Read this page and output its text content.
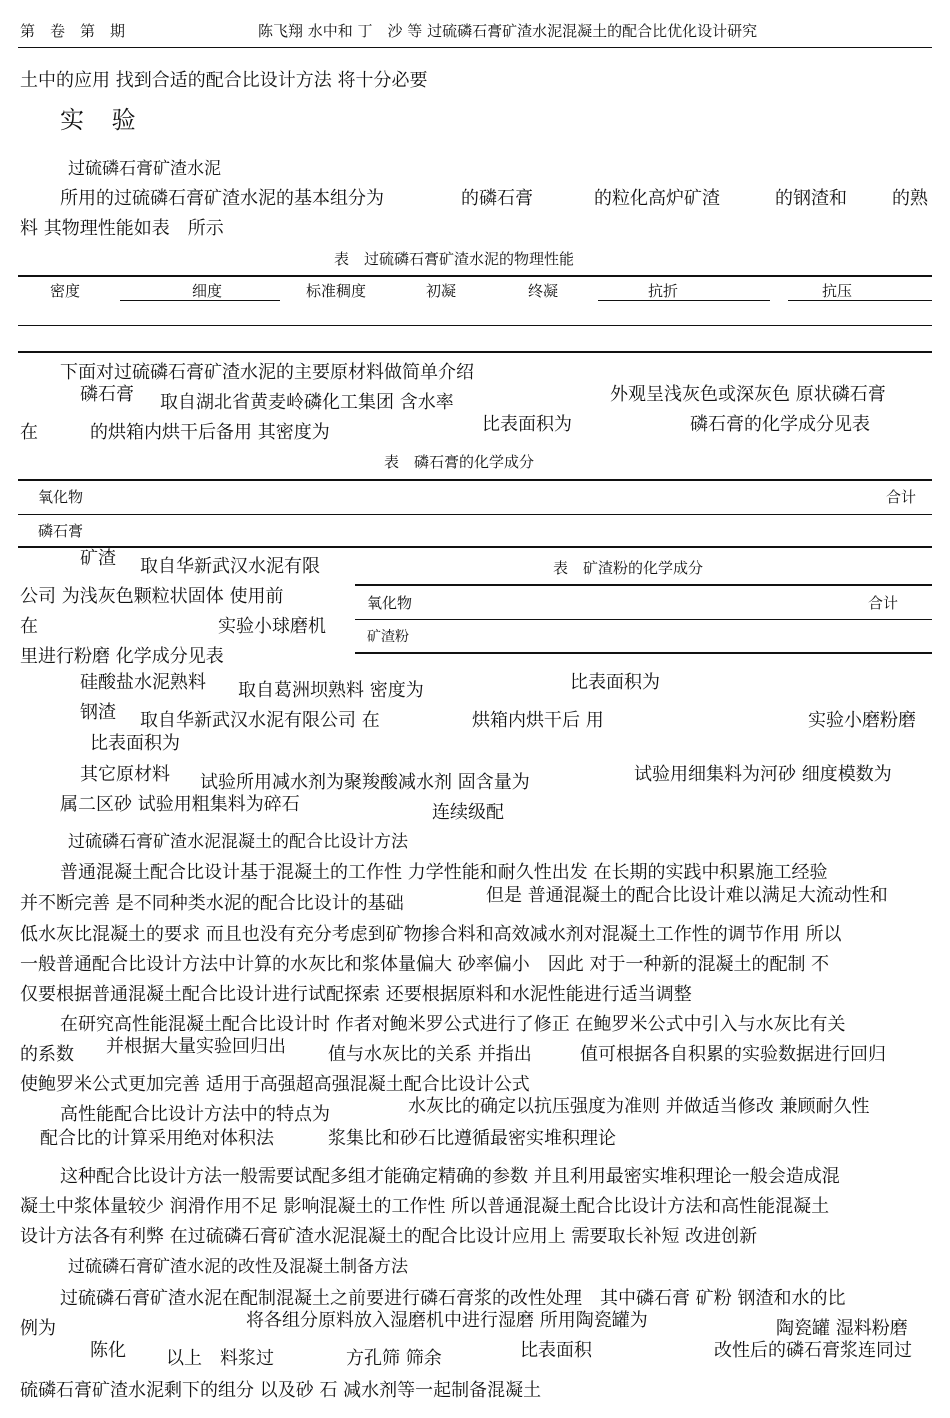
第　卷　第　期	陈飞翔 水中和 丁　沙 等 过硫磷石膏矿渣水泥混凝土的配合比优化设计研究
土中的应用 找到合适的配合比设计方法 将十分必要
实 验
过硫磷石膏矿渣水泥
所用的过硫磷石膏矿渣水泥的基本组分为	的磷石膏	的粒化高炉矿渣	的钢渣和	的熟
料 其物理性能如表　所示
表　过硫磷石膏矿渣水泥的物理性能
密度	细度	标准稠度	初凝	终凝	抗折	抗压
下面对过硫磷石膏矿渣水泥的主要原材料做简单介绍
磷石膏 取自湖北省黄麦岭磷化工集团 含水率	外观呈浅灰色或深灰色 原状磷石膏
在	的烘箱内烘干后备用 其密度为	比表面积为	磷石膏的化学成分见表
表　磷石膏的化学成分
氧化物	合计
磷石膏
矿渣 取自华新武汉水泥有限
公司 为浅灰色颗粒状固体 使用前
在	实验小球磨机
里进行粉磨 化学成分见表
表　矿渣粉的化学成分
氧化物	合计
矿渣粉
硅酸盐水泥熟料 取自葛洲坝熟料 密度为	比表面积为
钢渣 取自华新武汉水泥有限公司 在	烘箱内烘干后 用	实验小磨粉磨
比表面积为
其它原材料 试验所用减水剂为聚羧酸减水剂 固含量为	试验用细集料为河砂 细度模数为
属二区砂 试验用粗集料为碎石	连续级配
过硫磷石膏矿渣水泥混凝土的配合比设计方法
普通混凝土配合比设计基于混凝土的工作性 力学性能和耐久性出发 在长期的实践中积累施工经验
并不断完善 是不同种类水泥的配合比设计的基础	但是 普通混凝土的配合比设计难以满足大流动性和
低水灰比混凝土的要求 而且也没有充分考虑到矿物掺合料和高效减水剂对混凝土工作性的调节作用 所以
一般普通配合比设计方法中计算的水灰比和浆体量偏大 砂率偏小　因此 对于一种新的混凝土的配制 不
仅要根据普通混凝土配合比设计进行试配探索 还要根据原料和水泥性能进行适当调整
在研究高性能混凝土配合比设计时 作者对鲍米罗公式进行了修正 在鲍罗米公式中引入与水灰比有关
的系数 并根据大量实验回归出 值与水灰比的关系 并指出	值可根据各自积累的实验数据进行回归
使鲍罗米公式更加完善 适用于高强超高强混凝土配合比设计公式
高性能配合比设计方法中的特点为	水灰比的确定以抗压强度为准则 并做适当修改 兼顾耐久性
配合比的计算采用绝对体积法	浆集比和砂石比遵循最密实堆积理论
这种配合比设计方法一般需要试配多组才能确定精确的参数 并且利用最密实堆积理论一般会造成混
凝土中浆体量较少 润滑作用不足 影响混凝土的工作性 所以普通混凝土配合比设计方法和高性能混凝土
设计方法各有利弊 在过硫磷石膏矿渣水泥混凝土的配合比设计应用上 需要取长补短 改进创新
过硫磷石膏矿渣水泥的改性及混凝土制备方法
过硫磷石膏矿渣水泥在配制混凝土之前要进行磷石膏浆的改性处理　其中磷石膏 矿粉 钢渣和水的比
例为	将各组分原料放入湿磨机中进行湿磨 所用陶瓷罐为	陶瓷罐 湿料粉磨
陈化 以上　料浆过	方孔筛 筛余	比表面积	改性后的磷石膏浆连同过
硫磷石膏矿渣水泥剩下的组分 以及砂 石 减水剂等一起制备混凝土
